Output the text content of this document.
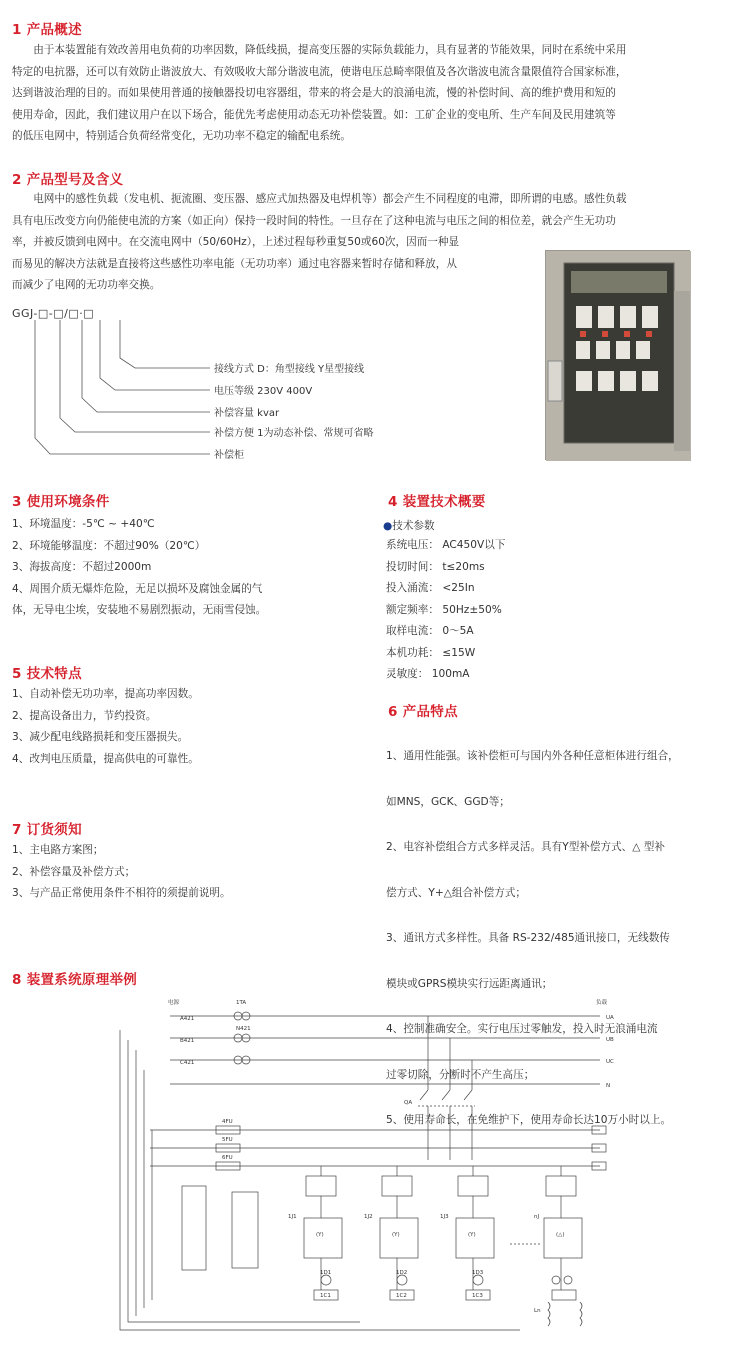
1 产品概述
由于本装置能有效改善用电负荷的功率因数，降低线损，提高变压器的实际负载能力，具有显著的节能效果，同时在系统中采用
特定的电抗器，还可以有效防止谐波放大、有效吸收大部分谐波电流，使谐电压总畸率限值及各次谐波电流含量限值符合国家标准，
达到谐波治理的目的。而如果使用普通的接触器投切电容器组，带来的将会是大的浪涌电流，慢的补偿时间、高的维护费用和短的
使用寿命，因此，我们建议用户在以下场合，能优先考虑使用动态无功补偿装置。如：工矿企业的变电所、生产车间及民用建筑等
的低压电网中，特别适合负荷经常变化，无功功率不稳定的输配电系统。
2 产品型号及含义
电网中的感性负载（发电机、扼流圈、变压器、感应式加热器及电焊机等）都会产生不同程度的电滞，即所谓的电感。感性负载
具有电压改变方向仍能使电流的方案（如正向）保持一段时间的特性。一旦存在了这种电流与电压之间的相位差，就会产生无功功
率，并被反馈到电网中。在交流电网中（50/60Hz），上述过程每秒重复50或60次，因而一种显
而易见的解决方法就是直接将这些感性功率电能（无功功率）通过电容器来暂时存储和释放，从
而减少了电网的无功功率交换。
GGJ-□-□/□·□
接线方式 D：角型接线 Y星型接线
电压等级 230V 400V
补偿容量 kvar
补偿方便 1为动态补偿、常规可省略
补偿柜
3 使用环境条件
1、环境温度：-5℃ ~ +40℃
2、环境能够温度：不超过90%（20℃）
3、海拔高度：不超过2000m
4、周围介质无爆炸危险，无足以损坏及腐蚀金属的气
体，无导电尘埃，安装地不易剧烈振动，无雨雪侵蚀。
4 装置技术概要
●技术参数
系统电压： AC450V以下
投切时间： t≤20ms
投入涌流： <25In
额定频率： 50Hz±50%
取样电流： 0～5A
本机功耗： ≤15W
灵敏度： 100mA
5 技术特点
1、自动补偿无功功率，提高功率因数。
2、提高设备出力，节约投资。
3、减少配电线路损耗和变压器损失。
4、改判电压质量，提高供电的可靠性。
6 产品特点

1、通用性能强。该补偿柜可与国内外各种任意柜体进行组合，

如MNS，GCK、GGD等；

2、电容补偿组合方式多样灵活。具有Y型补偿方式、△ 型补

偿方式、Y+△组合补偿方式；

3、通讯方式多样性。具备 RS-232/485通讯接口，无线数传

模块或GPRS模块实行远距离通讯；

4、控制准确安全。实行电压过零触发，投入时无浪涌电流

过零切除，分断时不产生高压；

5、使用寿命长，在免维护下，使用寿命长达10万小时以上。

7 订货须知
1、主电路方案图；
2、补偿容量及补偿方式；
3、与产品正常使用条件不相符的须提前说明。
8 装置系统原理举例
电源	负载
1TA
A421
B421
C421
N421
UA
UB
UC
N
QA
4FU
5FU
6FU
1J1	1J2	1J3	nJ
(Y)	(Y)	(Y)	(△)
1C1	1C2	1C3
1D1	1D2	1D3
Ln
